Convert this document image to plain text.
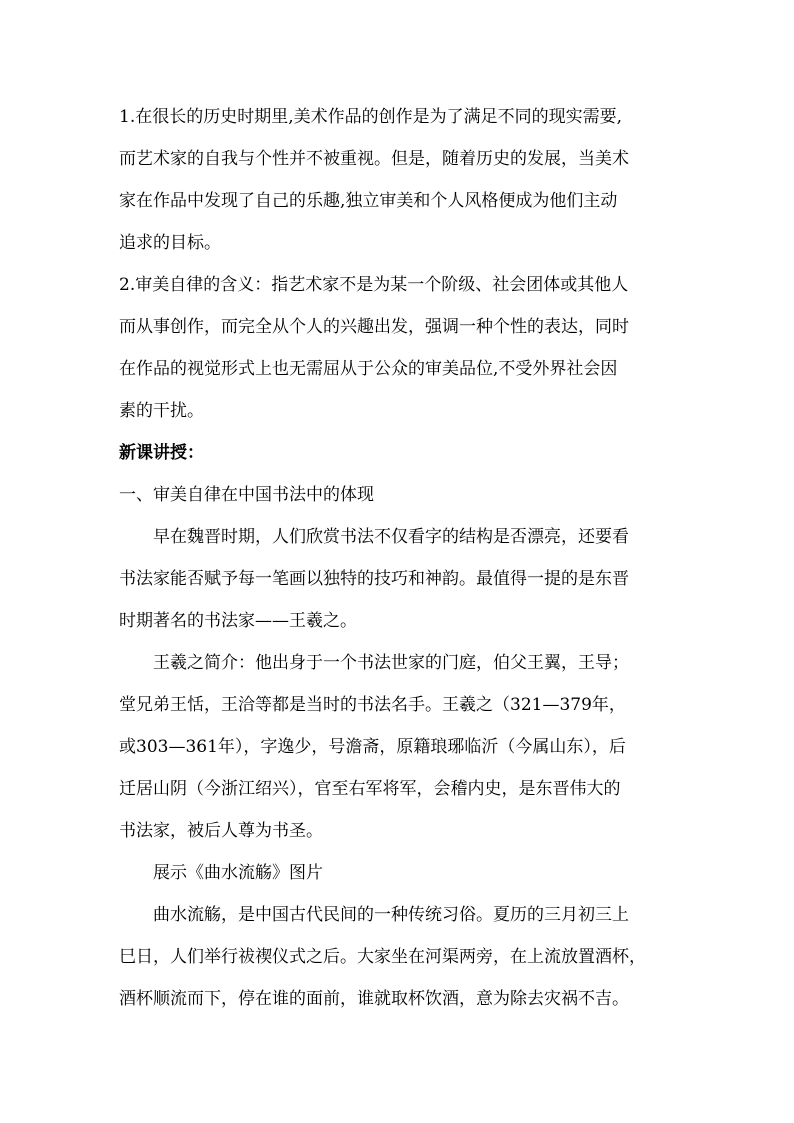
1.在很长的历史时期里,美术作品的创作是为了满足不同的现实需要,
而艺术家的自我与个性并不被重视。但是，随着历史的发展，当美术
家在作品中发现了自己的乐趣,独立审美和个人风格便成为他们主动
追求的目标。
2.审美自律的含义：指艺术家不是为某一个阶级、社会团体或其他人
而从事创作，而完全从个人的兴趣出发，强调一种个性的表达，同时
在作品的视觉形式上也无需屈从于公众的审美品位,不受外界社会因
素的干扰。
新课讲授：
一、审美自律在中国书法中的体现
早在魏晋时期，人们欣赏书法不仅看字的结构是否漂亮，还要看
书法家能否赋予每一笔画以独特的技巧和神韵。最值得一提的是东晋
时期著名的书法家——王羲之。
王羲之简介：他出身于一个书法世家的门庭，伯父王翼，王导；
堂兄弟王恬，王洽等都是当时的书法名手。王羲之（321—379年，
或303—361年），字逸少，号澹斋，原籍琅琊临沂（今属山东），后
迁居山阴（今浙江绍兴），官至右军将军，会稽内史，是东晋伟大的
书法家，被后人尊为书圣。
展示《曲水流觞》图片
曲水流觞，是中国古代民间的一种传统习俗。夏历的三月初三上
巳日，人们举行祓禊仪式之后。大家坐在河渠两旁，在上流放置酒杯，
酒杯顺流而下，停在谁的面前，谁就取杯饮酒，意为除去灾祸不吉。
